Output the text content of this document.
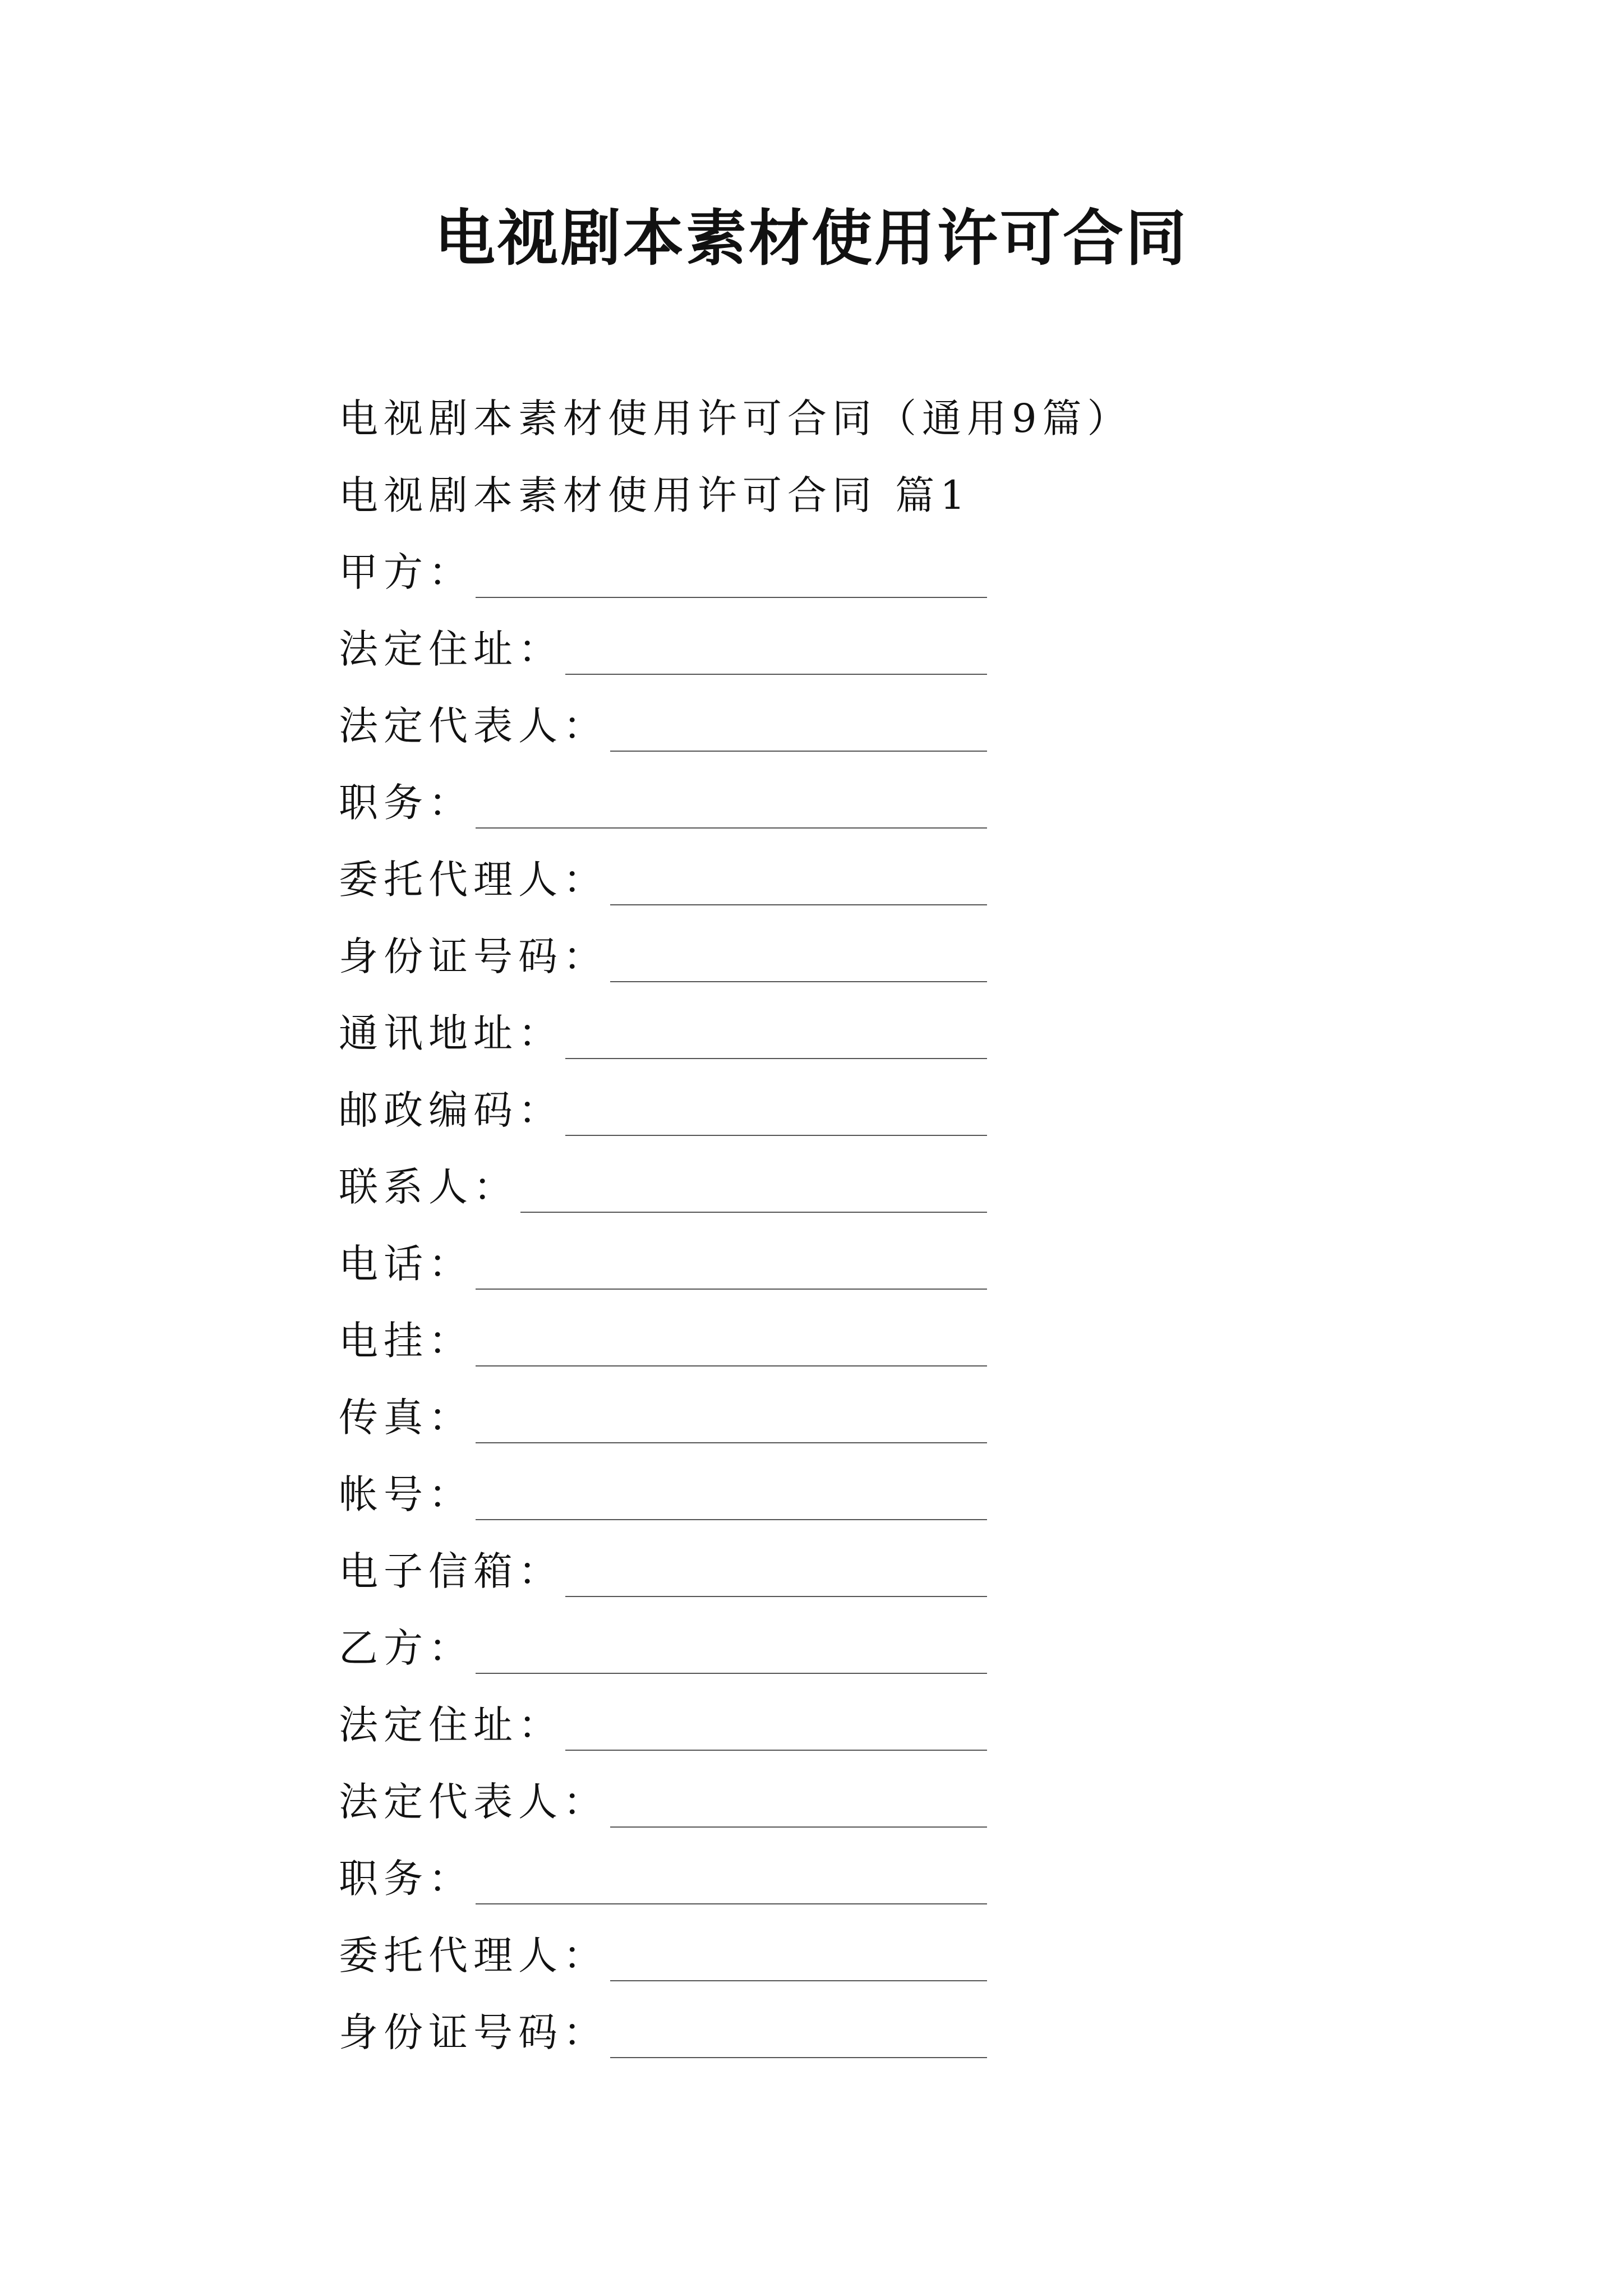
电视剧本素材使用许可合同
电视剧本素材使用许可合同（通用9篇）
电视剧本素材使用许可合同 篇1
甲方：
法定住址：
法定代表人：
职务：
委托代理人：
身份证号码：
通讯地址：
邮政编码：
联系人：
电话：
电挂：
传真：
帐号：
电子信箱：
乙方：
法定住址：
法定代表人：
职务：
委托代理人：
身份证号码：
